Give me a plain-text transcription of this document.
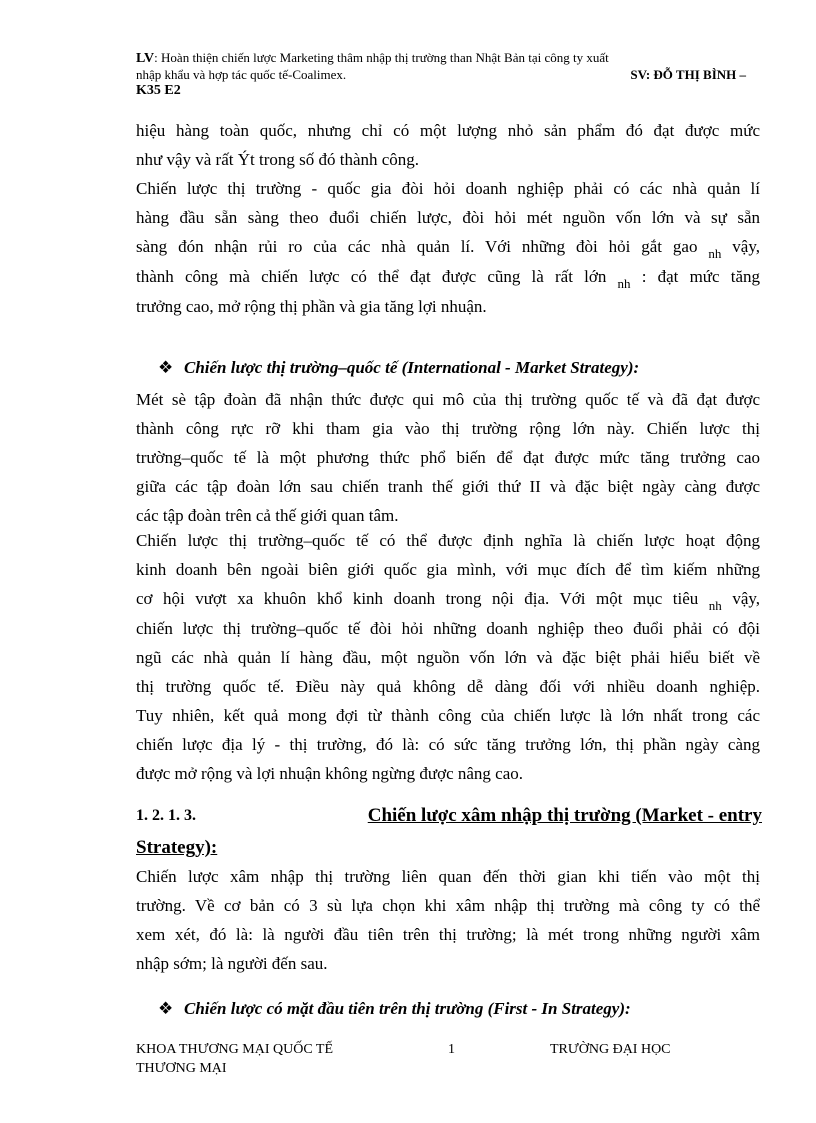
LV: Hoàn thiện chiến lược Marketing thâm nhập thị trường than Nhật Bản tại công ty xuất
nhập khẩu và hợp tác quốc tế-Coalimex.	SV: ĐỖ THỊ BÌNH –
K35 E2
hiệu hàng toàn quốc, nhưng chỉ có một lượng nhỏ sản phẩm đó đạt được mức
như vậy và rất Ýt trong số đó thành công.
Chiến lược thị trường - quốc gia đòi hỏi doanh nghiệp phải có các nhà quản lí
hàng đầu sẵn sàng theo đuổi chiến lược, đòi hỏi mét nguồn vốn lớn và sự sẵn
sàng đón nhận rủi ro của các nhà quản lí. Với những đòi hỏi gắt gao $_{nh}$ vậy,
thành công mà chiến lược có thể đạt được cũng là rất lớn $_{nh}$ : đạt mức tăng
trưởng cao, mở rộng thị phần và gia tăng lợi nhuận.
❖ Chiến lược thị trường–quốc tế (International - Market Strategy):
Mét sè tập đoàn đã nhận thức được qui mô của thị trường quốc tế và đã đạt được
thành công rực rỡ khi tham gia vào thị trường rộng lớn này. Chiến lược thị
trường–quốc tế là một phương thức phổ biến để đạt được mức tăng trưởng cao
giữa các tập đoàn lớn sau chiến tranh thế giới thứ II và đặc biệt ngày càng được
các tập đoàn trên cả thế giới quan tâm.
Chiến lược thị trường–quốc tế có thể được định nghĩa là chiến lược hoạt động
kinh doanh bên ngoài biên giới quốc gia mình, với mục đích để tìm kiếm những
cơ hội vượt xa khuôn khổ kinh doanh trong nội địa. Với một mục tiêu $_{nh}$ vậy,
chiến lược thị trường–quốc tế đòi hỏi những doanh nghiệp theo đuổi phải có đội
ngũ các nhà quản lí hàng đầu, một nguồn vốn lớn và đặc biệt phải hiểu biết về
thị trường quốc tế. Điều này quả không dễ dàng đối với nhiều doanh nghiệp.
Tuy nhiên, kết quả mong đợi từ thành công của chiến lược là lớn nhất trong các
chiến lược địa lý - thị trường, đó là: có sức tăng trưởng lớn, thị phần ngày càng
được mở rộng và lợi nhuận không ngừng được nâng cao.
1. 2. 1. 3.	Chiến lược xâm nhập thị trường (Market - entry
Strategy):
Chiến lược xâm nhập thị trường liên quan đến thời gian khi tiến vào một thị
trường. Về cơ bản có 3 sù lựa chọn khi xâm nhập thị trường mà công ty có thể
xem xét, đó là: là người đầu tiên trên thị trường; là mét trong những người xâm
nhập sớm; là người đến sau.
❖ Chiến lược có mặt đầu tiên trên thị trường (First - In Strategy):
KHOA THƯƠNG MẠI QUỐC TẾ
THƯƠNG MẠI
1	TRƯỜNG ĐẠI HỌC
